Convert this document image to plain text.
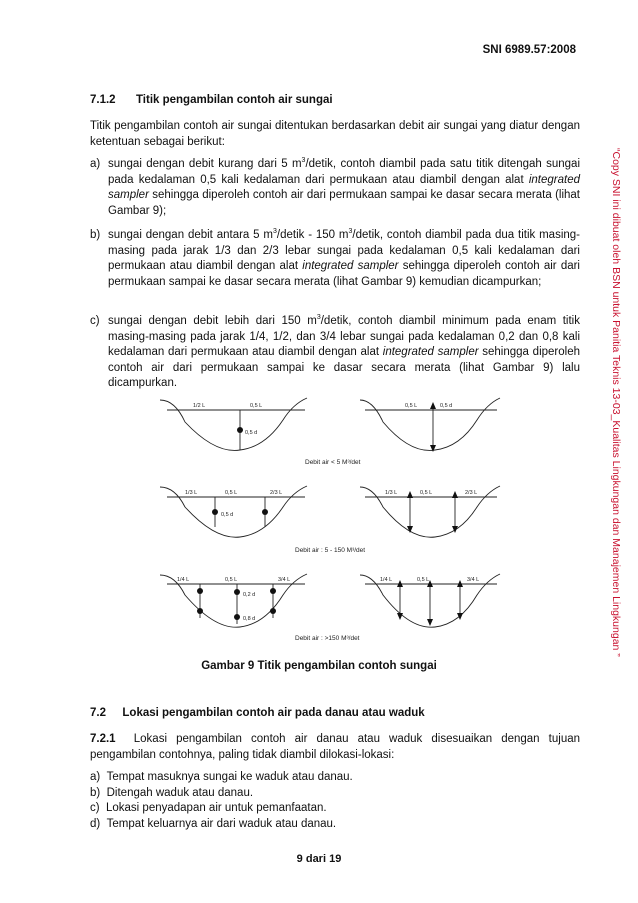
SNI 6989.57:2008
7.1.2 Titik pengambilan contoh air sungai
Titik pengambilan contoh air sungai ditentukan berdasarkan debit air sungai yang diatur dengan ketentuan sebagai berikut:
a) sungai dengan debit kurang dari 5 $m^3$/detik, contoh diambil pada satu titik ditengah sungai pada kedalaman 0,5 kali kedalaman dari permukaan atau diambil dengan alat integrated sampler sehingga diperoleh contoh air dari permukaan sampai ke dasar secara merata (lihat Gambar 9);
b) sungai dengan debit antara 5 $m^3$/detik - 150 $m^3$/detik, contoh diambil pada dua titik masing-masing pada jarak 1/3 dan 2/3 lebar sungai pada kedalaman 0,5 kali kedalaman dari permukaan atau diambil dengan alat integrated sampler sehingga diperoleh contoh air dari permukaan sampai ke dasar secara merata (lihat Gambar 9) kemudian dicampurkan;
c) sungai dengan debit lebih dari 150 $m^3$/detik, contoh diambil minimum pada enam titik masing-masing pada jarak 1/4, 1/2, dan 3/4 lebar sungai pada kedalaman 0,2 dan 0,8 kali kedalaman dari permukaan atau diambil dengan alat integrated sampler sehingga diperoleh contoh air dari permukaan sampai ke dasar secara merata (lihat Gambar 9) lalu dicampurkan.
1/2 L	0,5 L
0,5 d
0,5 L	0,5 d
Debit air < 5 M³/det
1/3 L	0,5 L	2/3 L
0,5 d
1/3 L	0,5 L	2/3 L
Debit air : 5 - 150 M³/det
1/4 L	0,5 L	3/4 L
0,2 d
0,8 d
1/4 L	0,5 L	3/4 L
Debit air : >150 M³/det
Gambar 9 Titik pengambilan contoh sungai
7.2 Lokasi pengambilan contoh air pada danau atau waduk
7.2.1 Lokasi pengambilan contoh air danau atau waduk disesuaikan dengan tujuan pengambilan contohnya, paling tidak diambil dilokasi-lokasi:
a) Tempat masuknya sungai ke waduk atau danau.
b) Ditengah waduk atau danau.
c) Lokasi penyadapan air untuk pemanfaatan.
d) Tempat keluarnya air dari waduk atau danau.
9 dari 19
“Copy SNI ini dibuat oleh BSN untuk Panitia Teknis 13-03_Kualitas Lingkungan dan Manajemen Lingkungan ”
